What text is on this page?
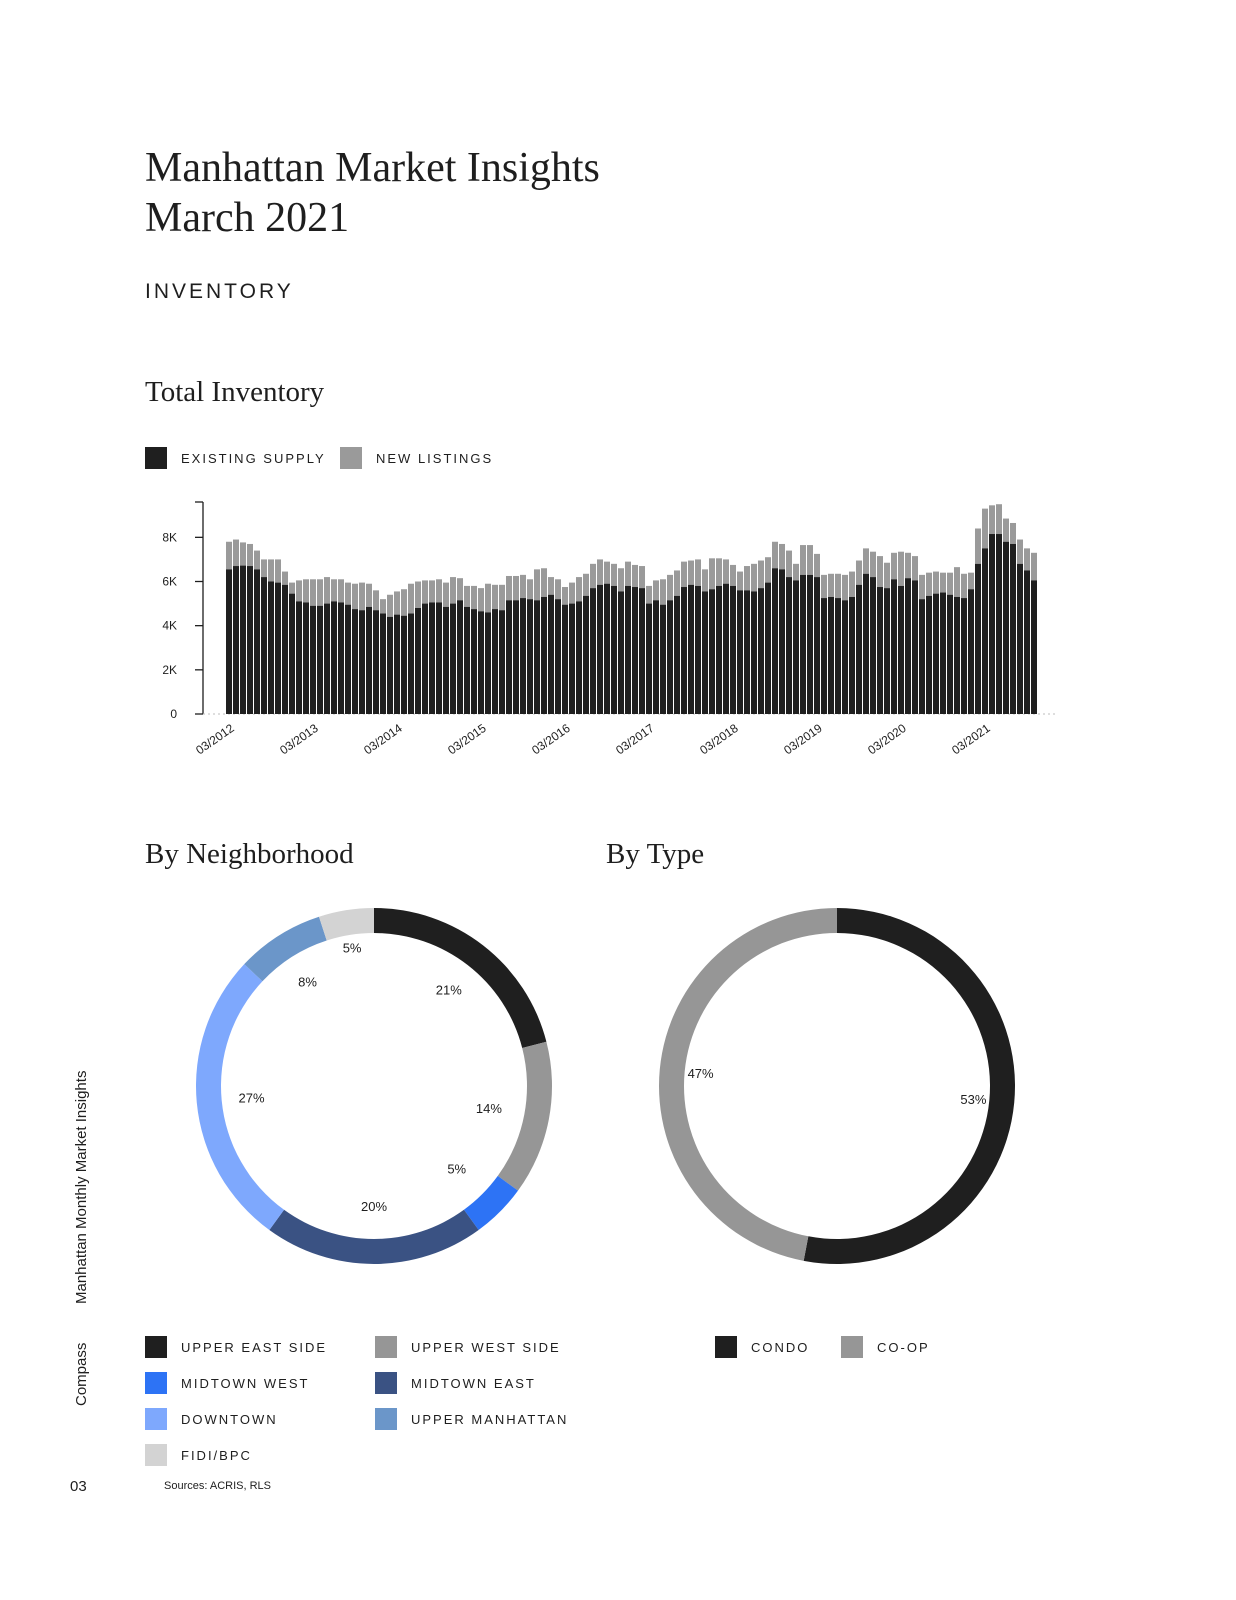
Manhattan Market Insights
March 2021
INVENTORY
Total Inventory
EXISTING SUPPLY	NEW LISTINGS
0
2K
4K
6K
8K
03/2012	03/2013	03/2014	03/2015	03/2016	03/2017	03/2018	03/2019	03/2020	03/2021
By Neighborhood	By Type
21%
14%
5%
20%
27%
8%
5%
53%
47%
UPPER EAST SIDE	UPPER WEST SIDE
MIDTOWN WEST	MIDTOWN EAST
DOWNTOWN	UPPER MANHATTAN
FIDI/BPC
CONDO	CO-OP
Manhattan Monthly Market Insights
Compass
03	Sources: ACRIS, RLS
